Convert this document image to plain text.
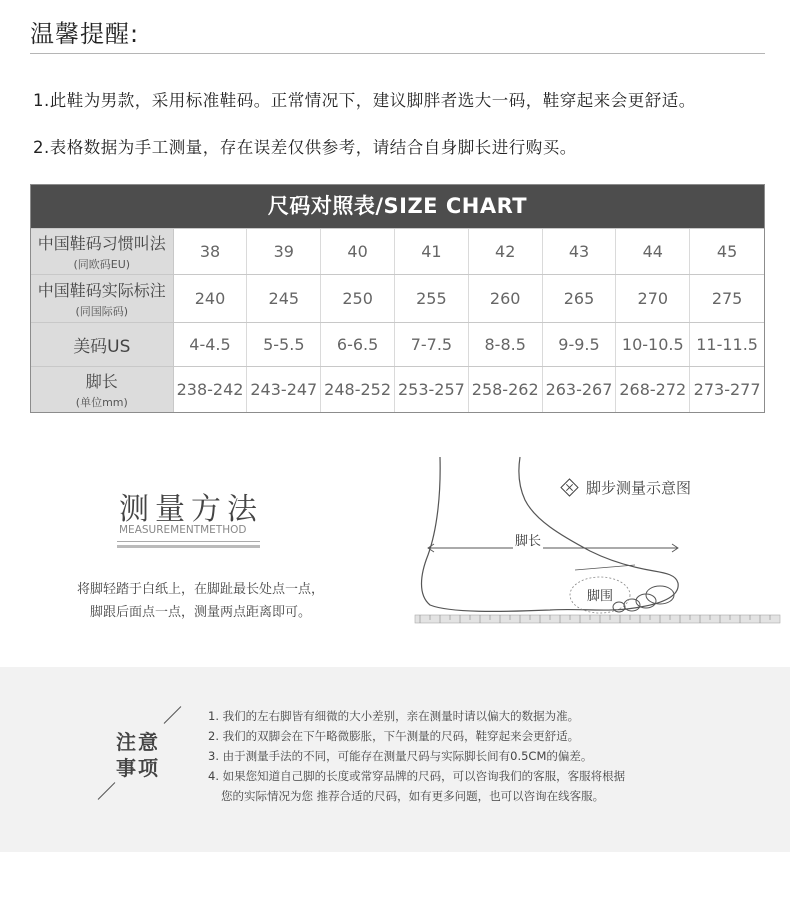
温馨提醒:
1.此鞋为男款，采用标准鞋码。正常情况下，建议脚胖者选大一码，鞋穿起来会更舒适。
2.表格数据为手工测量，存在误差仅供参考，请结合自身脚长进行购买。
尺码对照表/SIZE CHART
中国鞋码习惯叫法
(同欧码EU)
38	39	40	41	42	43	44	45
中国鞋码实际标注
(同国际码)
240	245	250	255	260	265	270	275
美码US	4-4.5	5-5.5	6-6.5	7-7.5	8-8.5	9-9.5	10-10.5 11-11.5
脚长
(单位mm)
238-242 243-247 248-252 253-257 258-262 263-267 268-272 273-277
测量方法
MEASUREMENTMETHOD
将脚轻踏于白纸上，在脚趾最长处点一点，
脚跟后面点一点，测量两点距离即可。
脚步测量示意图
脚长
脚围
注意
事项
1. 我们的左右脚皆有细微的大小差别，亲在测量时请以偏大的数据为准。
2. 我们的双脚会在下午略微膨胀，下午测量的尺码，鞋穿起来会更舒适。
3. 由于测量手法的不同，可能存在测量尺码与实际脚长间有0.5CM的偏差。
4. 如果您知道自己脚的长度或常穿品牌的尺码，可以咨询我们的客服，客服将根据
您的实际情况为您 推荐合适的尺码，如有更多问题，也可以咨询在线客服。
